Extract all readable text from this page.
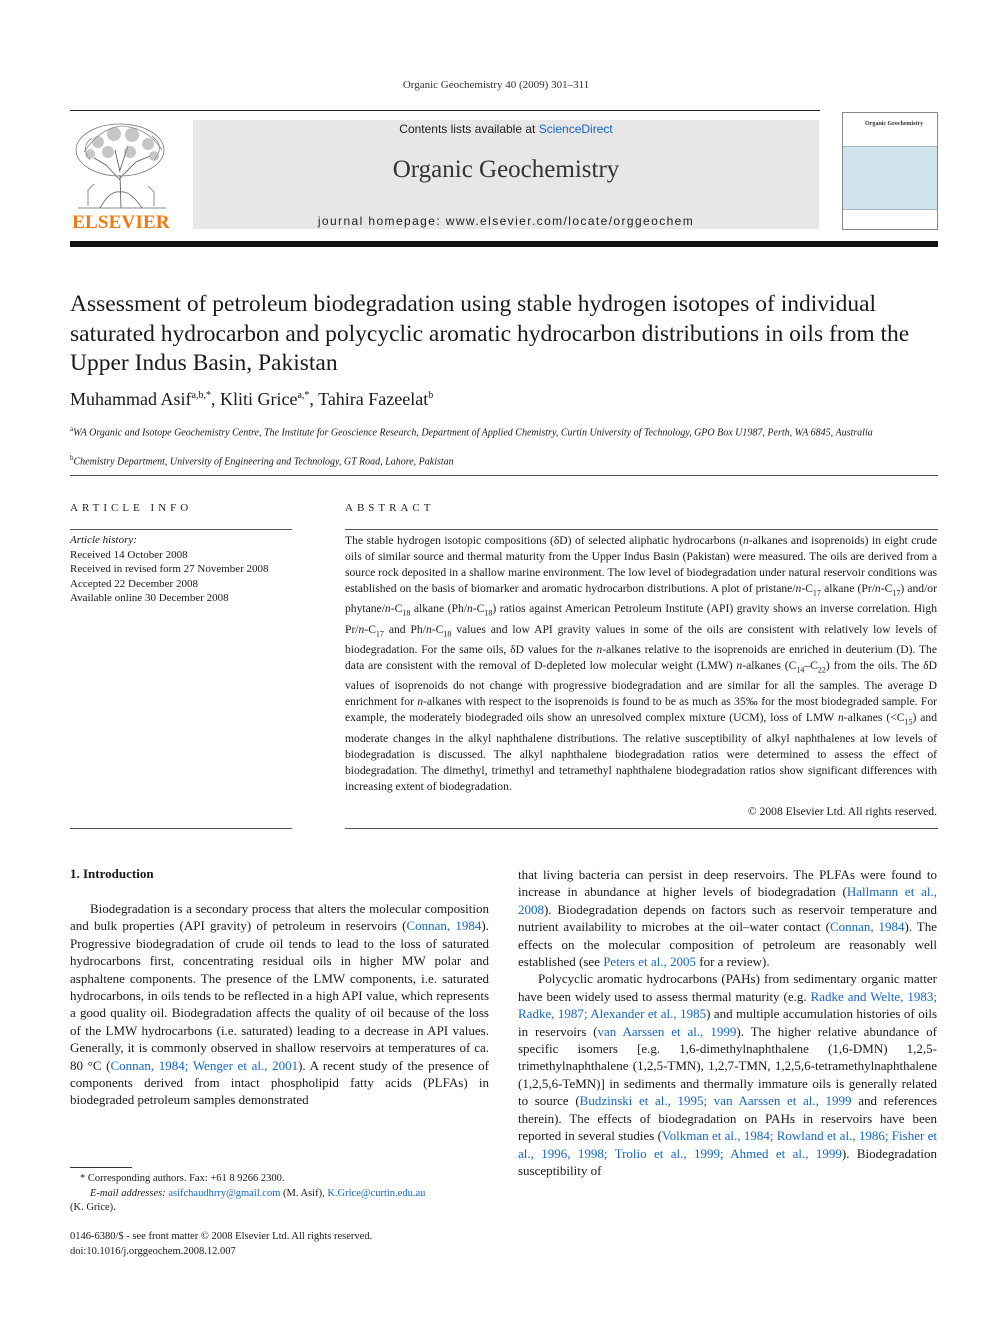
Organic Geochemistry 40 (2009) 301–311
ELSEVIER
Contents lists available at ScienceDirect
Organic Geochemistry
journal homepage: www.elsevier.com/locate/orggeochem
Organic Geochemistry
Assessment of petroleum biodegradation using stable hydrogen isotopes of individual saturated hydrocarbon and polycyclic aromatic hydrocarbon distributions in oils from the Upper Indus Basin, Pakistan
Muhammad Asif$^{a,b,*}$, Kliti Grice$^{a,*}$, Tahira Fazeelat$^b$
$^a$WA Organic and Isotope Geochemistry Centre, The Institute for Geoscience Research, Department of Applied Chemistry, Curtin University of Technology, GPO Box U1987, Perth, WA 6845, Australia
$^b$Chemistry Department, University of Engineering and Technology, GT Road, Lahore, Pakistan
ARTICLE INFO
Article history:
Received 14 October 2008
Received in revised form 27 November 2008
Accepted 22 December 2008
Available online 30 December 2008
ABSTRACT
The stable hydrogen isotopic compositions (δD) of selected aliphatic hydrocarbons (n-alkanes and isoprenoids) in eight crude oils of similar source and thermal maturity from the Upper Indus Basin (Pakistan) were measured. The oils are derived from a source rock deposited in a shallow marine environment. The low level of biodegradation under natural reservoir conditions was established on the basis of biomarker and aromatic hydrocarbon distributions. A plot of pristane/$n-C_{17}$ alkane $(Pr/n-C_{17})$ and/or phytane/$n-C_{18}$ alkane $(Ph/n-C_{18})$ ratios against American Petroleum Institute (API) gravity shows an inverse correlation. High $Pr/n-C_{17}$ and $Ph/n-C_{18}$ values and low API gravity values in some of the oils are consistent with relatively low levels of biodegradation. For the same oils, δD values for the n-alkanes relative to the isoprenoids are enriched in deuterium (D). The data are consistent with the removal of D-depleted low molecular weight (LMW) n-alkanes $(C_{14}-C_{22})$ from the oils. The δD values of isoprenoids do not change with progressive biodegradation and are similar for all the samples. The average D enrichment for n-alkanes with respect to the isoprenoids is found to be as much as 35‰ for the most biodegraded sample. For example, the moderately biodegraded oils show an unresolved complex mixture (UCM), loss of LMW n-alkanes $(<C_{15})$ and moderate changes in the alkyl naphthalene distributions. The relative susceptibility of alkyl naphthalenes at low levels of biodegradation is discussed. The alkyl naphthalene biodegradation ratios were determined to assess the effect of biodegradation. The dimethyl, trimethyl and tetramethyl naphthalene biodegradation ratios show significant differences with increasing extent of biodegradation.
© 2008 Elsevier Ltd. All rights reserved.
1. Introduction

Biodegradation is a secondary process that alters the molecular composition and bulk properties (API gravity) of petroleum in reservoirs (Connan, 1984). Progressive biodegradation of crude oil tends to lead to the loss of saturated hydrocarbons first, concentrating residual oils in higher MW polar and asphaltene components. The presence of the LMW components, i.e. saturated hydrocarbons, in oils tends to be reflected in a high API value, which represents a good quality oil. Biodegradation affects the quality of oil because of the loss of the LMW hydrocarbons (i.e. saturated) leading to a decrease in API values. Generally, it is commonly observed in shallow reservoirs at temperatures of ca. 80 °C (Connan, 1984; Wenger et al., 2001). A recent study of the presence of components derived from intact phospholipid fatty acids (PLFAs) in biodegraded petroleum samples demonstrated

that living bacteria can persist in deep reservoirs. The PLFAs were found to increase in abundance at higher levels of biodegradation (Hallmann et al., 2008). Biodegradation depends on factors such as reservoir temperature and nutrient availability to microbes at the oil–water contact (Connan, 1984). The effects on the molecular composition of petroleum are reasonably well established (see Peters et al., 2005 for a review).

Polycyclic aromatic hydrocarbons (PAHs) from sedimentary organic matter have been widely used to assess thermal maturity (e.g. Radke and Welte, 1983; Radke, 1987; Alexander et al., 1985) and multiple accumulation histories of oils in reservoirs (van Aarssen et al., 1999). The higher relative abundance of specific isomers [e.g. 1,6-dimethylnaphthalene (1,6-DMN) 1,2,5-trimethylnaphthalene (1,2,5-TMN), 1,2,7-TMN, 1,2,5,6-tetramethylnaphthalene (1,2,5,6-TeMN)] in sediments and thermally immature oils is generally related to source (Budzinski et al., 1995; van Aarssen et al., 1999 and references therein). The effects of biodegradation on PAHs in reservoirs have been reported in several studies (Volkman et al., 1984; Rowland et al., 1986; Fisher et al., 1996, 1998; Trolio et al., 1999; Ahmed et al., 1999). Biodegradation susceptibility of

* Corresponding authors. Fax: +61 8 9266 2300.
E-mail addresses: asifchaudhrry@gmail.com (M. Asif), K.Grice@curtin.edu.au
(K. Grice).
0146-6380/$ - see front matter © 2008 Elsevier Ltd. All rights reserved.
doi:10.1016/j.orggeochem.2008.12.007
